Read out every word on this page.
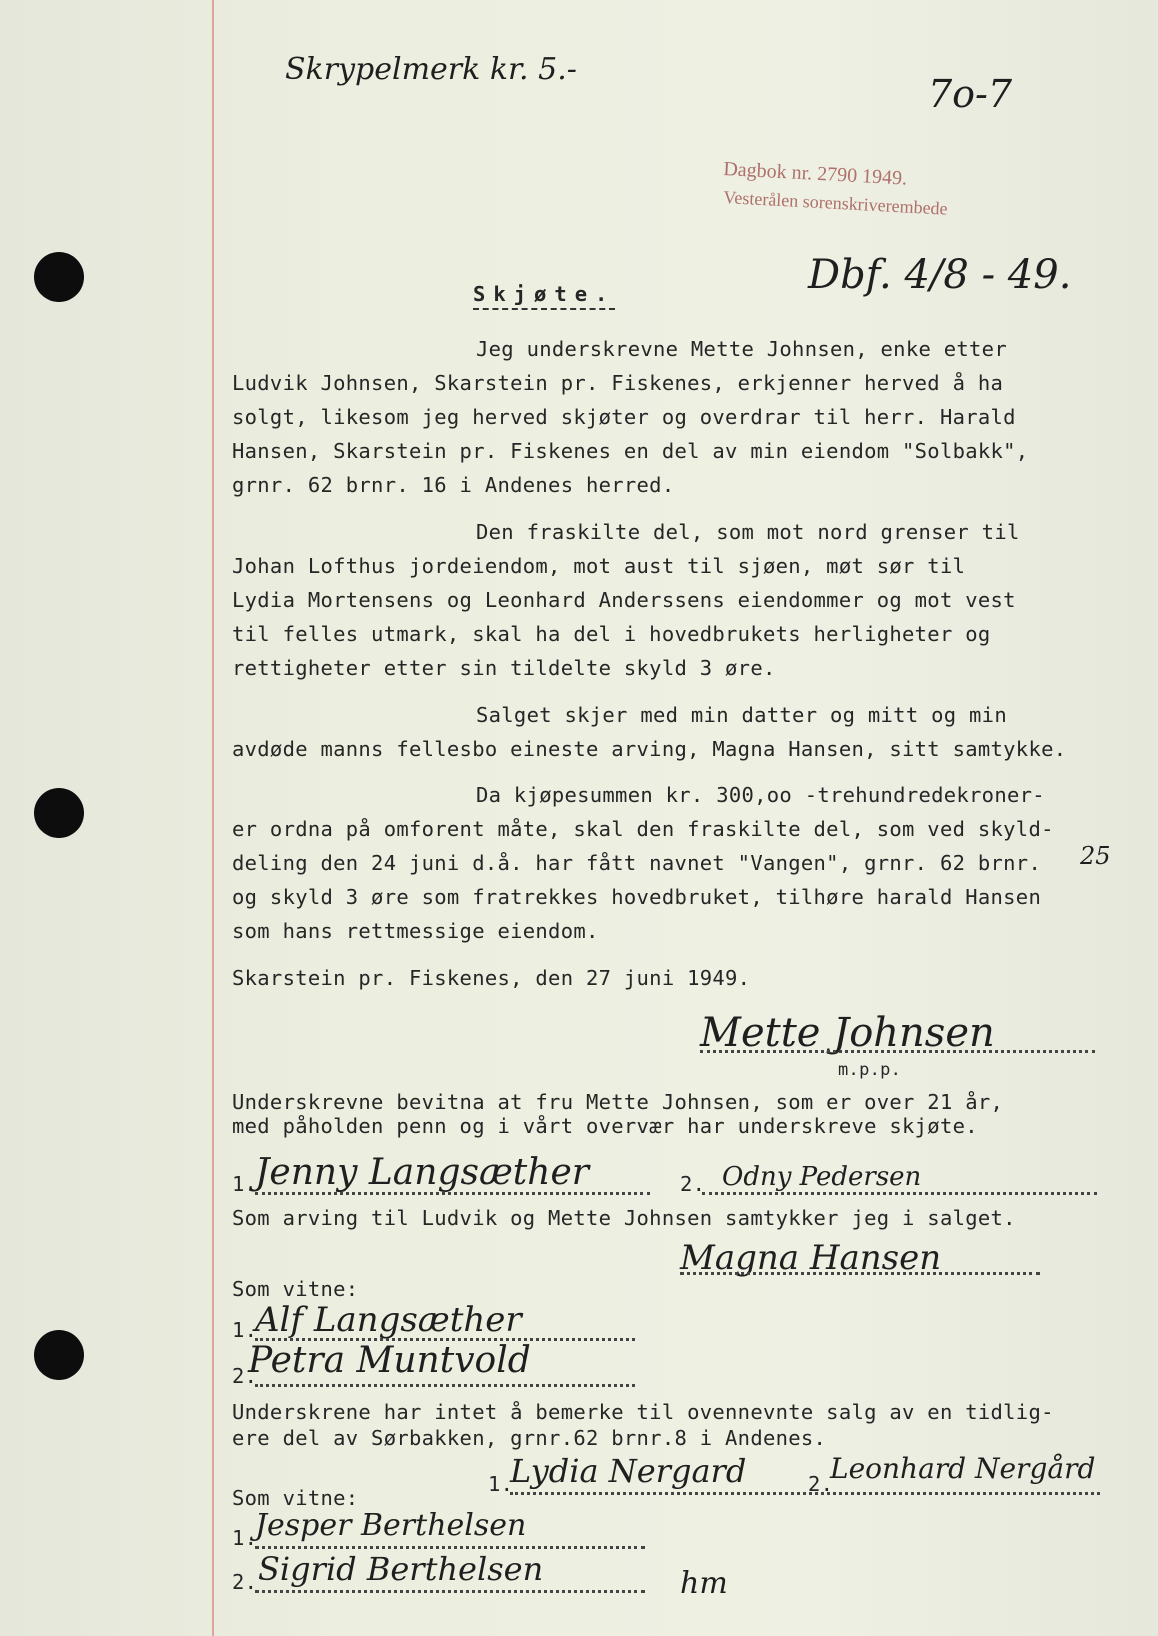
Skrypelmerk kr. 5.-
7o-7
Dagbok nr. 2790 1949.
Vesterålen sorenskriverembede
Dbf. 4/8 - 49.
Skjøte.
Jeg underskrevne Mette Johnsen, enke etter
Ludvik Johnsen, Skarstein pr. Fiskenes, erkjenner herved å ha
solgt, likesom jeg herved skjøter og overdrar til herr. Harald
Hansen, Skarstein pr. Fiskenes en del av min eiendom "Solbakk",
grnr. 62 brnr. 16 i Andenes herred.
Den fraskilte del, som mot nord grenser til
Johan Lofthus jordeiendom, mot aust til sjøen, møt sør til
Lydia Mortensens og Leonhard Anderssens eiendommer og mot vest
til felles utmark, skal ha del i hovedbrukets herligheter og
rettigheter etter sin tildelte skyld 3 øre.
Salget skjer med min datter og mitt og min
avdøde manns fellesbo eineste arving, Magna Hansen, sitt samtykke.
Da kjøpesummen kr. 300,oo -trehundredekroner-
er ordna på omforent måte, skal den fraskilte del, som ved skyld-
deling den 24 juni d.å. har fått navnet "Vangen", grnr. 62 brnr. 25
og skyld 3 øre som fratrekkes hovedbruket, tilhøre harald Hansen
som hans rettmessige eiendom.
Skarstein pr. Fiskenes, den 27 juni 1949.
Mette Johnsen
m.p.p.
Underskrevne bevitna at fru Mette Johnsen, som er over 21 år,
med påholden penn og i vårt overvær har underskreve skjøte.
1.
Jenny Langsæther	2. Odny Pedersen
Som arving til Ludvik og Mette Johnsen samtykker jeg i salget.
Magna Hansen
Som vitne:
1.
Alf Langsæther
2.
Petra Muntvold
Underskrene har intet å bemerke til ovennevnte salg av en tidlig-
ere del av Sørbakken, grnr.62 brnr.8 i Andenes.
1.
Lydia Nergard	2.
Leonhard Nergård
Som vitne:
1.
Jesper Berthelsen
2. Sigrid Berthelsen	hm
